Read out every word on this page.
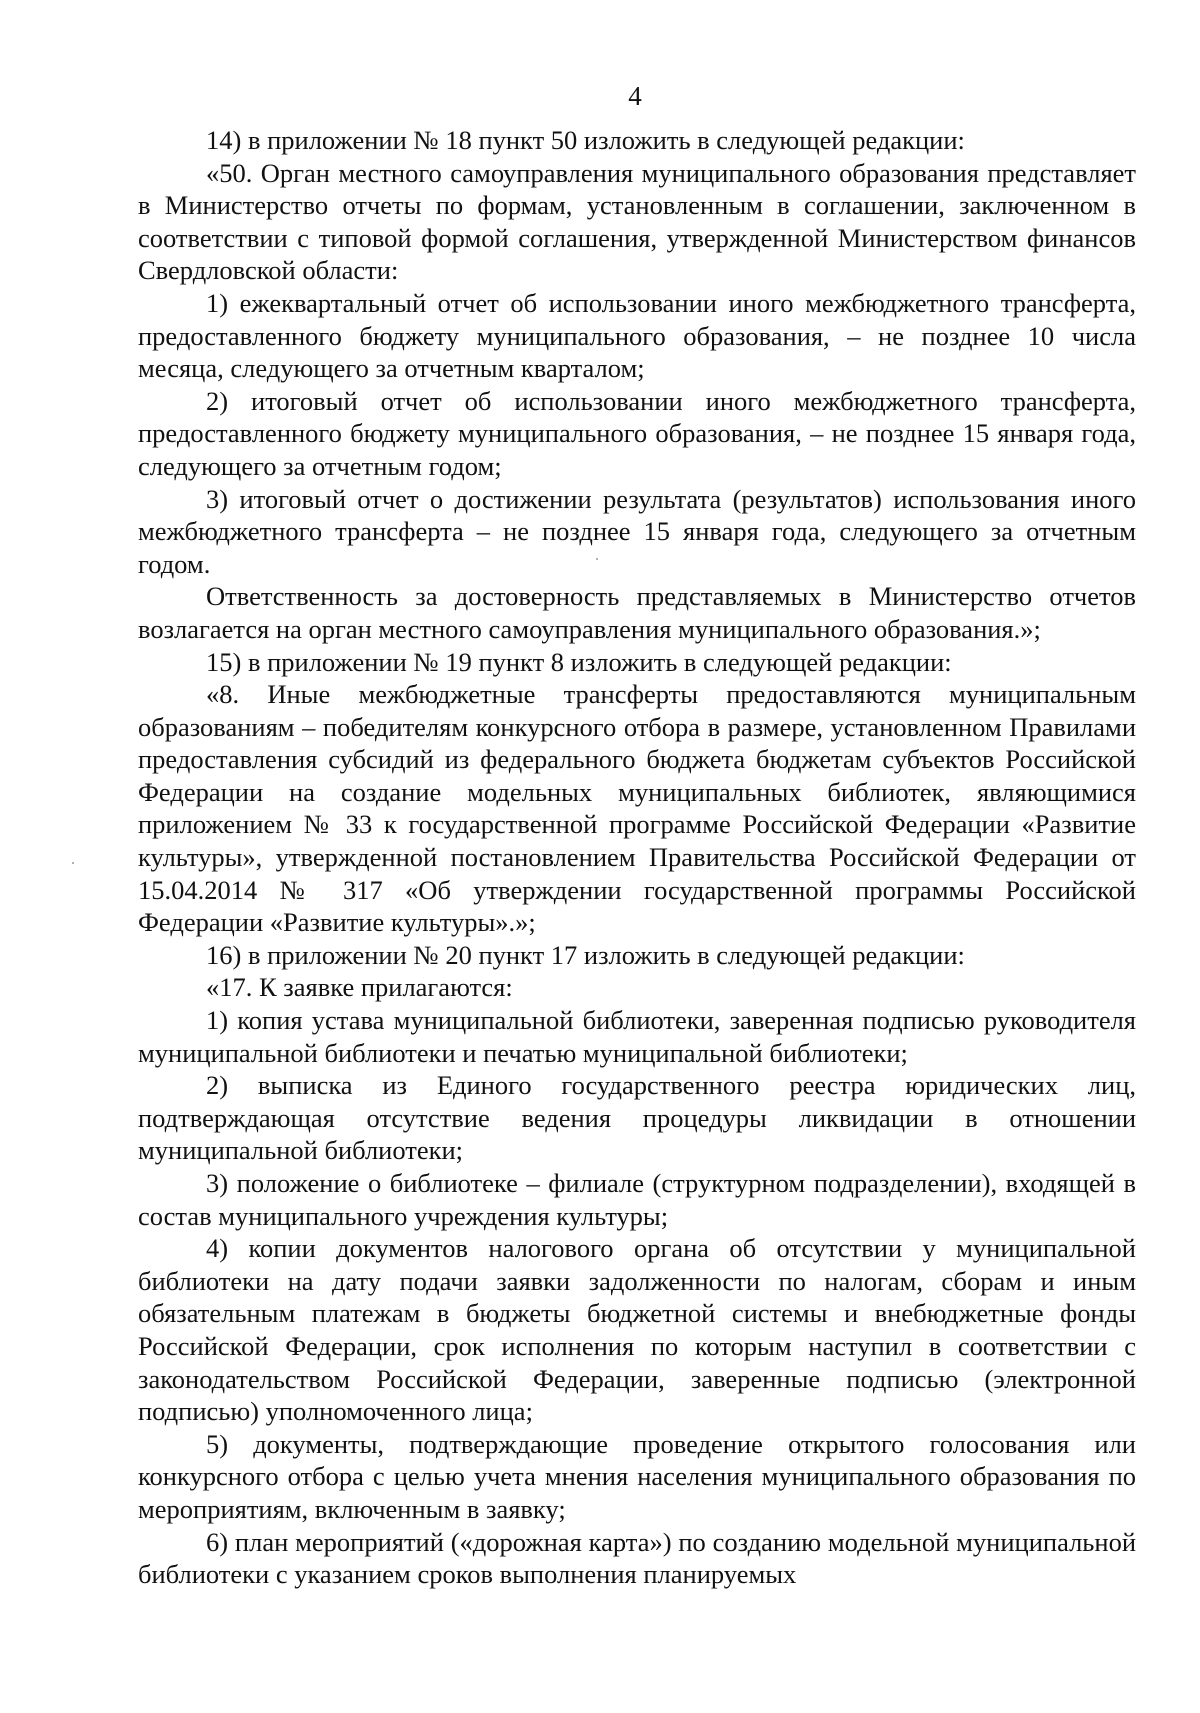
4

14) в приложении № 18 пункт 50 изложить в следующей редакции:

«50. Орган местного самоуправления муниципального образования представляет в Министерство отчеты по формам, установленным в соглашении, заключенном в соответствии с типовой формой соглашения, утвержденной Министерством финансов Свердловской области:

1) ежеквартальный отчет об использовании иного межбюджетного трансферта, предоставленного бюджету муниципального образования, – не позднее 10 числа месяца, следующего за отчетным кварталом;

2) итоговый отчет об использовании иного межбюджетного трансферта, предоставленного бюджету муниципального образования, – не позднее 15 января года, следующего за отчетным годом;

3) итоговый отчет о достижении результата (результатов) использования иного межбюджетного трансферта – не позднее 15 января года, следующего за отчетным годом.

Ответственность за достоверность представляемых в Министерство отчетов возлагается на орган местного самоуправления муниципального образования.»;

15) в приложении № 19 пункт 8 изложить в следующей редакции:

«8. Иные межбюджетные трансферты предоставляются муниципальным образованиям – победителям конкурсного отбора в размере, установленном Правилами предоставления субсидий из федерального бюджета бюджетам субъектов Российской Федерации на создание модельных муниципальных библиотек, являющимися приложением № 33 к государственной программе Российской Федерации «Развитие культуры», утвержденной постановлением Правительства Российской Федерации от 15.04.2014 № 317 «Об утверждении государственной программы Российской Федерации «Развитие культуры».»;

16) в приложении № 20 пункт 17 изложить в следующей редакции:

«17. К заявке прилагаются:

1) копия устава муниципальной библиотеки, заверенная подписью руководителя муниципальной библиотеки и печатью муниципальной библиотеки;

2) выписка из Единого государственного реестра юридических лиц, подтверждающая отсутствие ведения процедуры ликвидации в отношении муниципальной библиотеки;

3) положение о библиотеке – филиале (структурном подразделении), входящей в состав муниципального учреждения культуры;

4) копии документов налогового органа об отсутствии у муниципальной библиотеки на дату подачи заявки задолженности по налогам, сборам и иным обязательным платежам в бюджеты бюджетной системы и внебюджетные фонды Российской Федерации, срок исполнения по которым наступил в соответствии с законодательством Российской Федерации, заверенные подписью (электронной подписью) уполномоченного лица;

5) документы, подтверждающие проведение открытого голосования или конкурсного отбора с целью учета мнения населения муниципального образования по мероприятиям, включенным в заявку;

6) план мероприятий («дорожная карта») по созданию модельной муниципальной библиотеки с указанием сроков выполнения планируемых
